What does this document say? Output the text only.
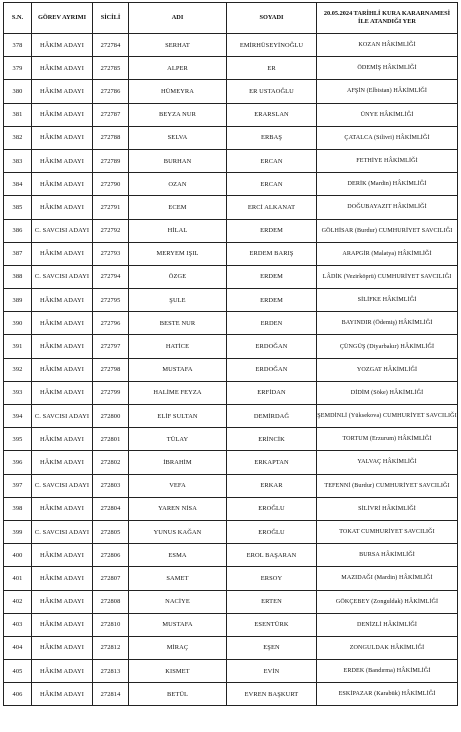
S.N.	GÖREV AYRIMI	SİCİLİ	ADI	SOYADI	20.05.2024 TARİHLİ KURA KARARNAMESİ İLE ATANDIĞI YER
378	HÂKİM ADAYI	272784	SERHAT	EMİRHÜSEYİNOĞLU	KOZAN HÂKİMLİĞİ
379	HÂKİM ADAYI	272785	ALPER	ER	ÖDEMİŞ HÂKİMLİĞİ
380	HÂKİM ADAYI	272786	HÜMEYRA	ER USTAOĞLU	AFŞİN (Elbistan) HÂKİMLİĞİ
381	HÂKİM ADAYI	272787	BEYZA NUR	ERARSLAN	ÜNYE HÂKİMLİĞİ
382	HÂKİM ADAYI	272788	SELVA	ERBAŞ	ÇATALCA (Silivri) HÂKİMLİĞİ
383	HÂKİM ADAYI	272789	BURHAN	ERCAN	FETHİYE HÂKİMLİĞİ
384	HÂKİM ADAYI	272790	OZAN	ERCAN	DERİK (Mardin) HÂKİMLİĞİ
385	HÂKİM ADAYI	272791	ECEM	ERCİ ALKANAT	DOĞUBAYAZIT HÂKİMLİĞİ
386	C. SAVCISI ADAYI	272792	HİLAL	ERDEM	GÖLHİSAR (Burdur) CUMHURİYET SAVCILIĞI
387	HÂKİM ADAYI	272793	MERYEM IŞIL	ERDEM BARIŞ	ARAPGİR (Malatya) HÂKİMLİĞİ
388	C. SAVCISI ADAYI	272794	ÖZGE	ERDEM	LÂDİK (Vezirköprü) CUMHURİYET SAVCILIĞI
389	HÂKİM ADAYI	272795	ŞULE	ERDEM	SİLİFKE HÂKİMLİĞİ
390	HÂKİM ADAYI	272796	BESTE NUR	ERDEN	BAYINDIR (Ödemiş) HÂKİMLİĞİ
391	HÂKİM ADAYI	272797	HATİCE	ERDOĞAN	ÇÜNGÜŞ (Diyarbakır) HÂKİMLİĞİ
392	HÂKİM ADAYI	272798	MUSTAFA	ERDOĞAN	YOZGAT HÂKİMLİĞİ
393	HÂKİM ADAYI	272799	HALİME FEYZA	ERFİDAN	DİDİM (Söke) HÂKİMLİĞİ
394	C. SAVCISI ADAYI	272800	ELİF SULTAN	DEMİRDAĞ	ŞEMDİNLİ (Yüksekova) CUMHURİYET SAVCILIĞI
395	HÂKİM ADAYI	272801	TÜLAY	ERİNCİK	TORTUM (Erzurum) HÂKİMLİĞİ
396	HÂKİM ADAYI	272802	İBRAHİM	ERKAPTAN	YALVAÇ HÂKİMLİĞİ
397	C. SAVCISI ADAYI	272803	VEFA	ERKAR	TEFENNİ (Burdur) CUMHURİYET SAVCILIĞI
398	HÂKİM ADAYI	272804	YAREN NİSA	EROĞLU	SİLİVRİ HÂKİMLİĞİ
399	C. SAVCISI ADAYI	272805	YUNUS KAĞAN	EROĞLU	TOKAT CUMHURİYET SAVCILIĞI
400	HÂKİM ADAYI	272806	ESMA	EROL BAŞARAN	BURSA HÂKİMLİĞİ
401	HÂKİM ADAYI	272807	SAMET	ERSOY	MAZIDAĞI (Mardin) HÂKİMLİĞİ
402	HÂKİM ADAYI	272808	NACİYE	ERTEN	GÖKÇEBEY (Zonguldak) HÂKİMLİĞİ
403	HÂKİM ADAYI	272810	MUSTAFA	ESENTÜRK	DENİZLİ HÂKİMLİĞİ
404	HÂKİM ADAYI	272812	MİRAÇ	EŞEN	ZONGULDAK HÂKİMLİĞİ
405	HÂKİM ADAYI	272813	KISMET	EVİN	ERDEK (Bandırma) HÂKİMLİĞİ
406	HÂKİM ADAYI	272814	BETÜL	EVREN BAŞKURT	ESKİPAZAR (Karabük) HÂKİMLİĞİ
